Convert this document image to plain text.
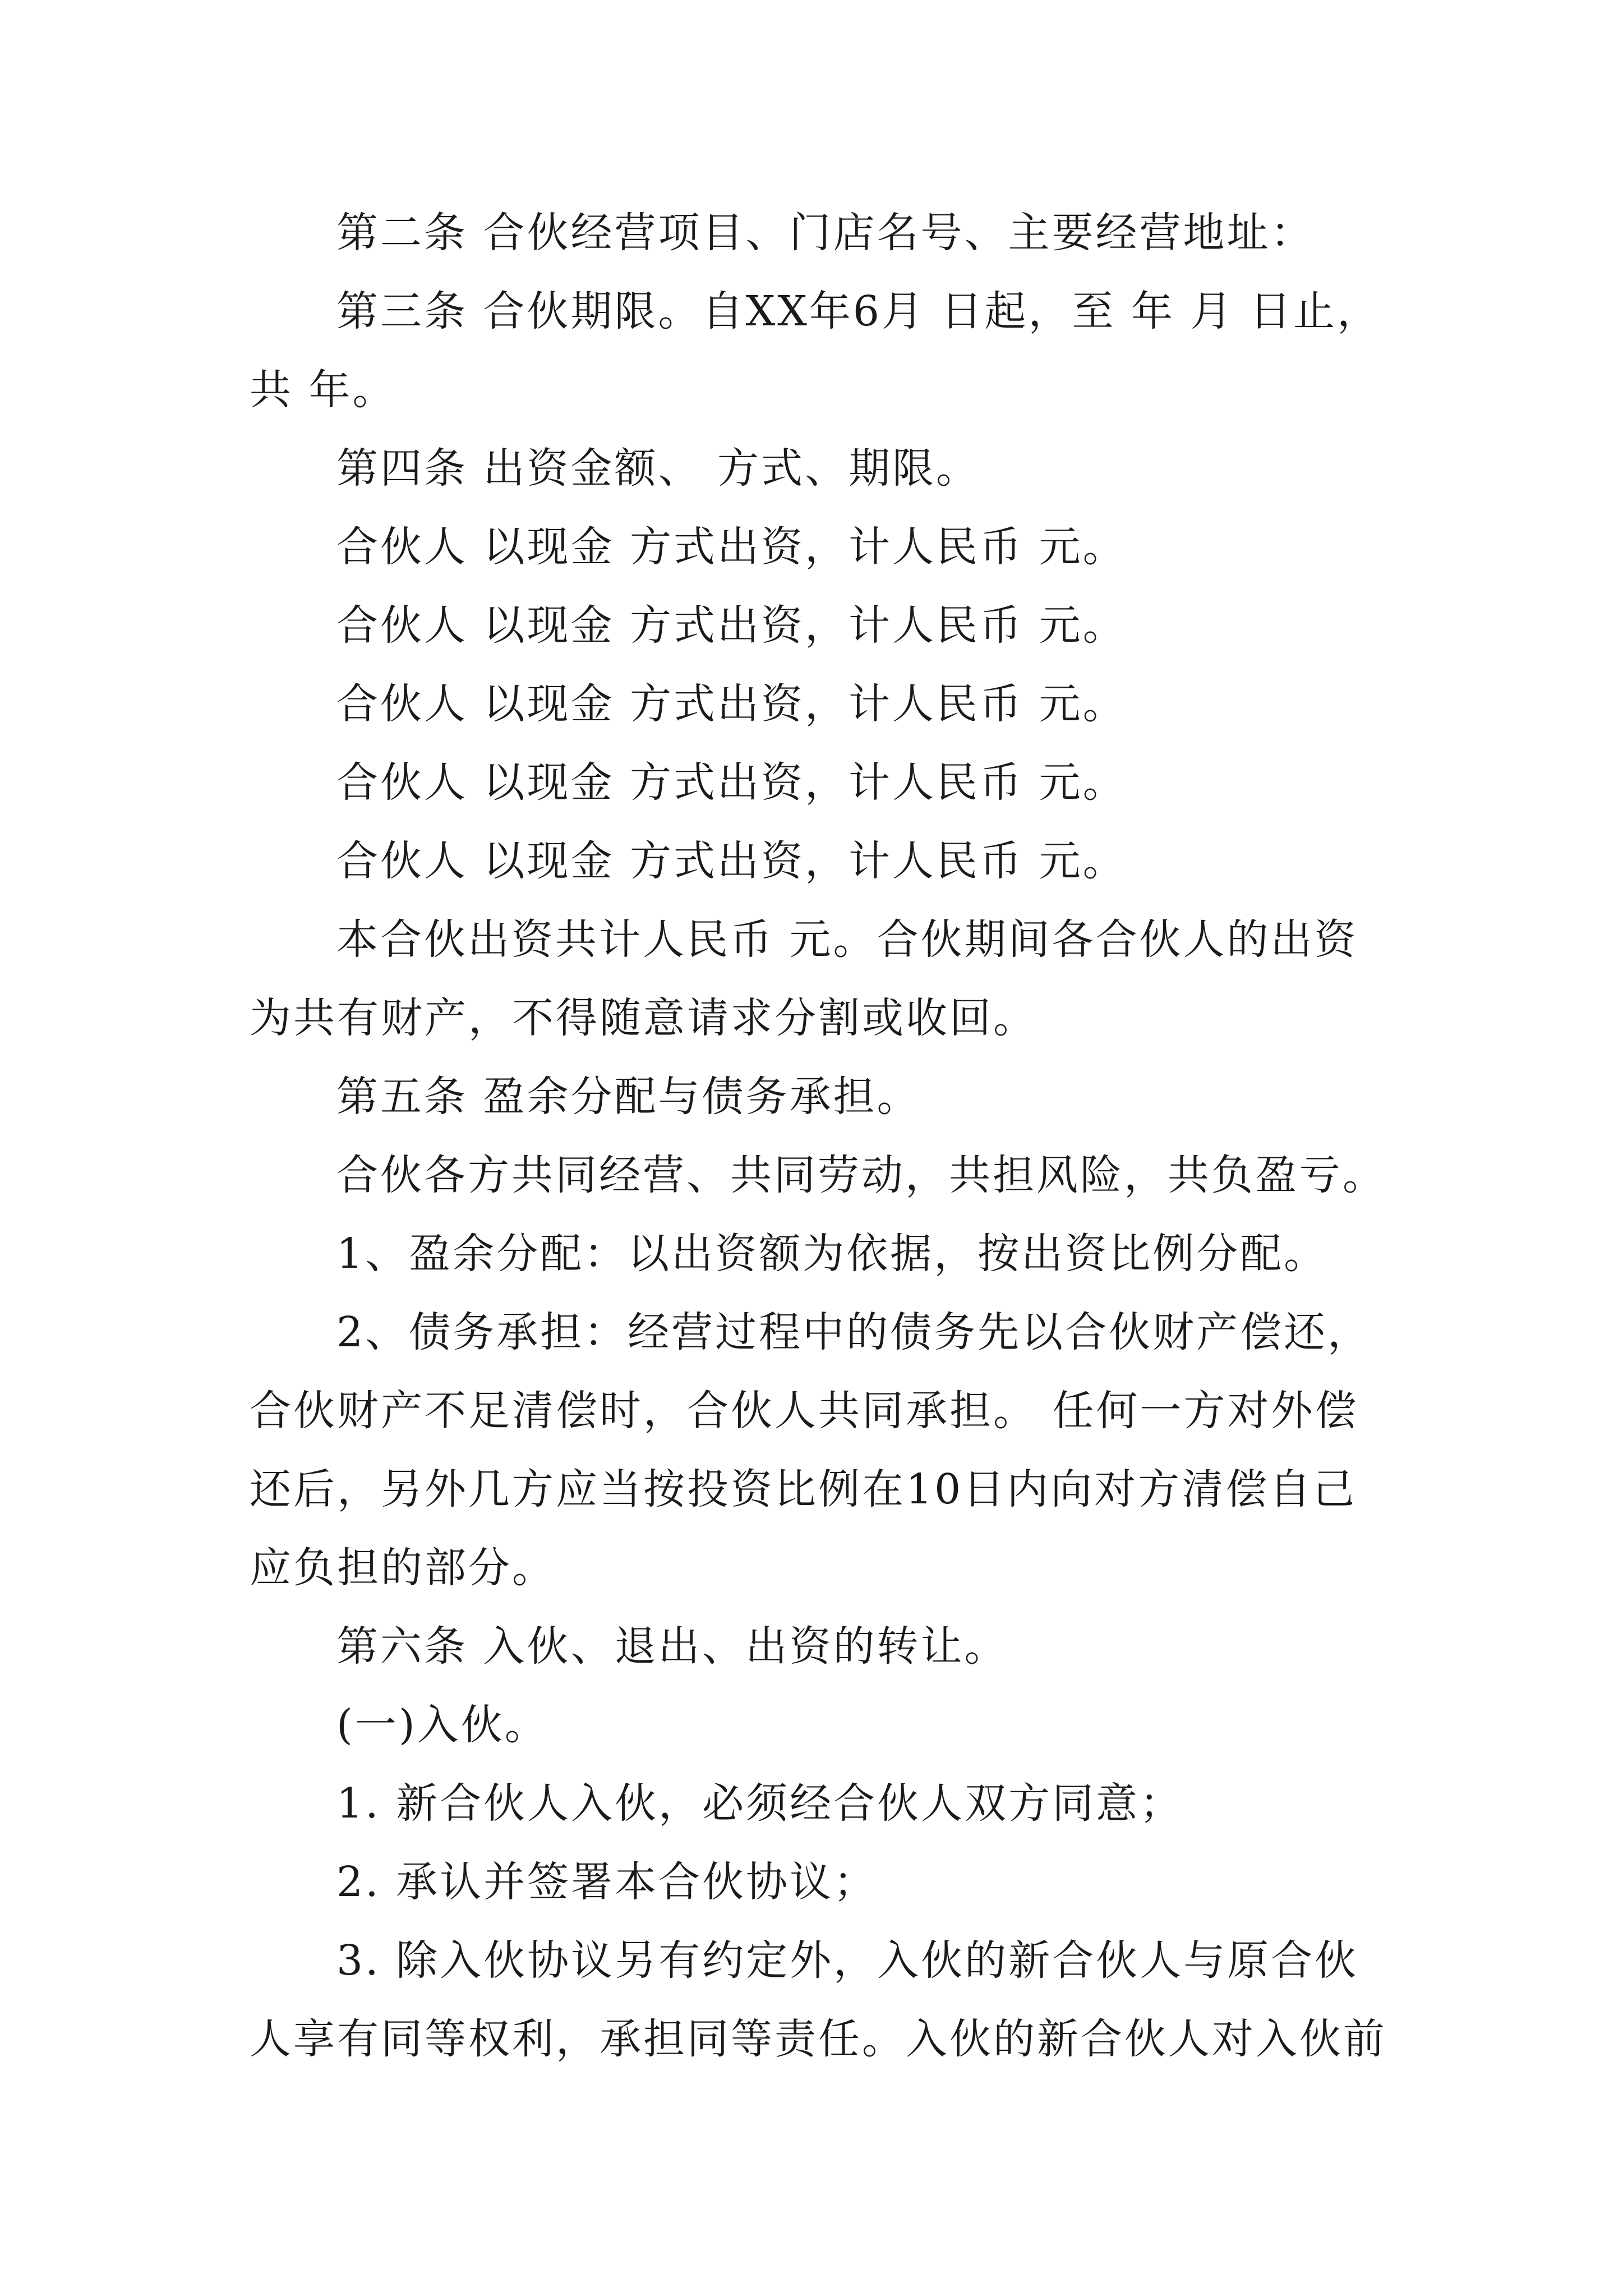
第二条 合伙经营项目、门店名号、主要经营地址：

第三条 合伙期限。自XX年6月 日起，至 年 月 日止，共 年。

第四条 出资金额、 方式、期限。

合伙人 以现金 方式出资，计人民币 元。

合伙人 以现金 方式出资，计人民币 元。

合伙人 以现金 方式出资，计人民币 元。

合伙人 以现金 方式出资，计人民币 元。

合伙人 以现金 方式出资，计人民币 元。

本合伙出资共计人民币 元。合伙期间各合伙人的出资为共有财产，不得随意请求分割或收回。

第五条 盈余分配与债务承担。

合伙各方共同经营、共同劳动，共担风险，共负盈亏。

1、盈余分配：以出资额为依据，按出资比例分配。

2、债务承担：经营过程中的债务先以合伙财产偿还，合伙财产不足清偿时，合伙人共同承担。 任何一方对外偿还后，另外几方应当按投资比例在10日内向对方清偿自己应负担的部分。

第六条 入伙、退出、出资的转让。

(一)入伙。

1. 新合伙人入伙，必须经合伙人双方同意；

2. 承认并签署本合伙协议；

3. 除入伙协议另有约定外，入伙的新合伙人与原合伙人享有同等权利，承担同等责任。入伙的新合伙人对入伙前
